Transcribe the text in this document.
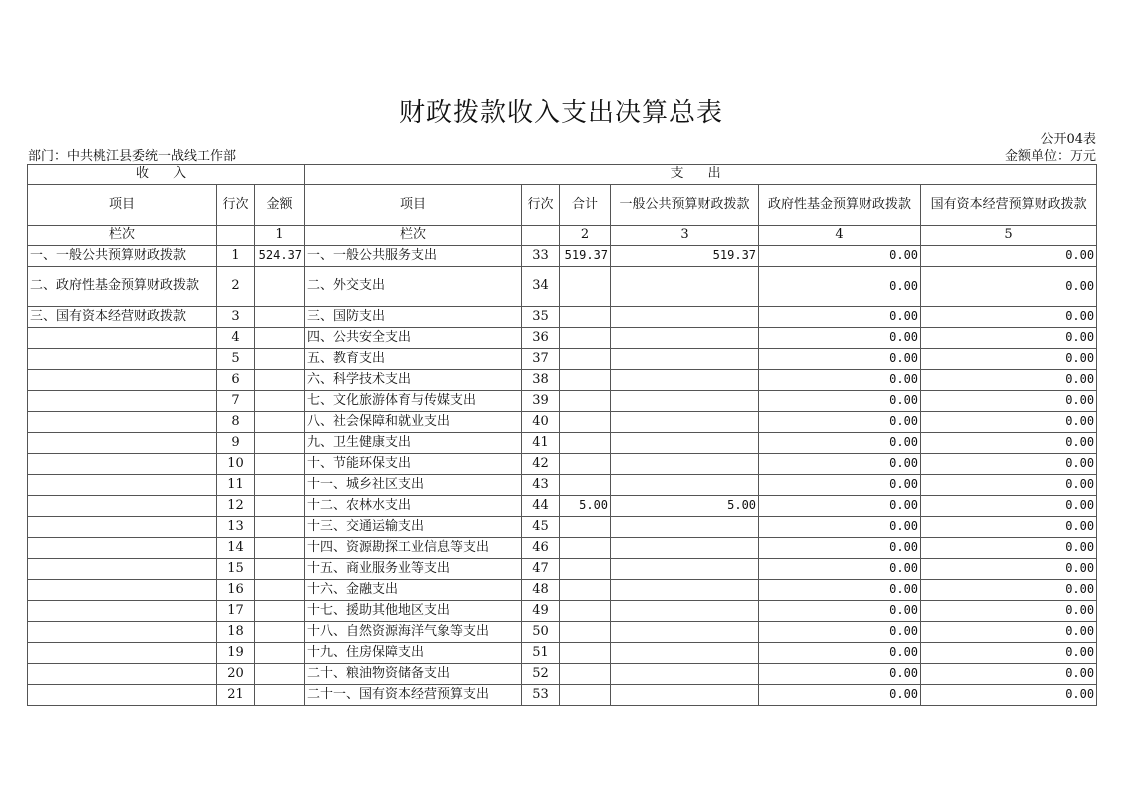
财政拨款收入支出决算总表
公开04表
部门：中共桃江县委统一战线工作部	金额单位：万元
收 入			支 出					
项目	行次	金额	项目	行次	合计	一般公共预算财政拨款	政府性基金预算财政拨款	国有资本经营预算财政拨款
栏次		1	栏次		2	3	4	5
一、一般公共预算财政拨款	1	524.37	一、一般公共服务支出	33	519.37	519.37	0.00	0.00
二、政府性基金预算财政拨款	2		二、外交支出	34			0.00	0.00
三、国有资本经营财政拨款	3		三、国防支出	35			0.00	0.00
	4		四、公共安全支出	36			0.00	0.00
	5		五、教育支出	37			0.00	0.00
	6		六、科学技术支出	38			0.00	0.00
	7		七、文化旅游体育与传媒支出	39			0.00	0.00
	8		八、社会保障和就业支出	40			0.00	0.00
	9		九、卫生健康支出	41			0.00	0.00
	10		十、节能环保支出	42			0.00	0.00
	11		十一、城乡社区支出	43			0.00	0.00
	12		十二、农林水支出	44	5.00	5.00	0.00	0.00
	13		十三、交通运输支出	45			0.00	0.00
	14		十四、资源勘探工业信息等支出	46			0.00	0.00
	15		十五、商业服务业等支出	47			0.00	0.00
	16		十六、金融支出	48			0.00	0.00
	17		十七、援助其他地区支出	49			0.00	0.00
	18		十八、自然资源海洋气象等支出	50			0.00	0.00
	19		十九、住房保障支出	51			0.00	0.00
	20		二十、粮油物资储备支出	52			0.00	0.00
	21		二十一、国有资本经营预算支出	53			0.00	0.00
